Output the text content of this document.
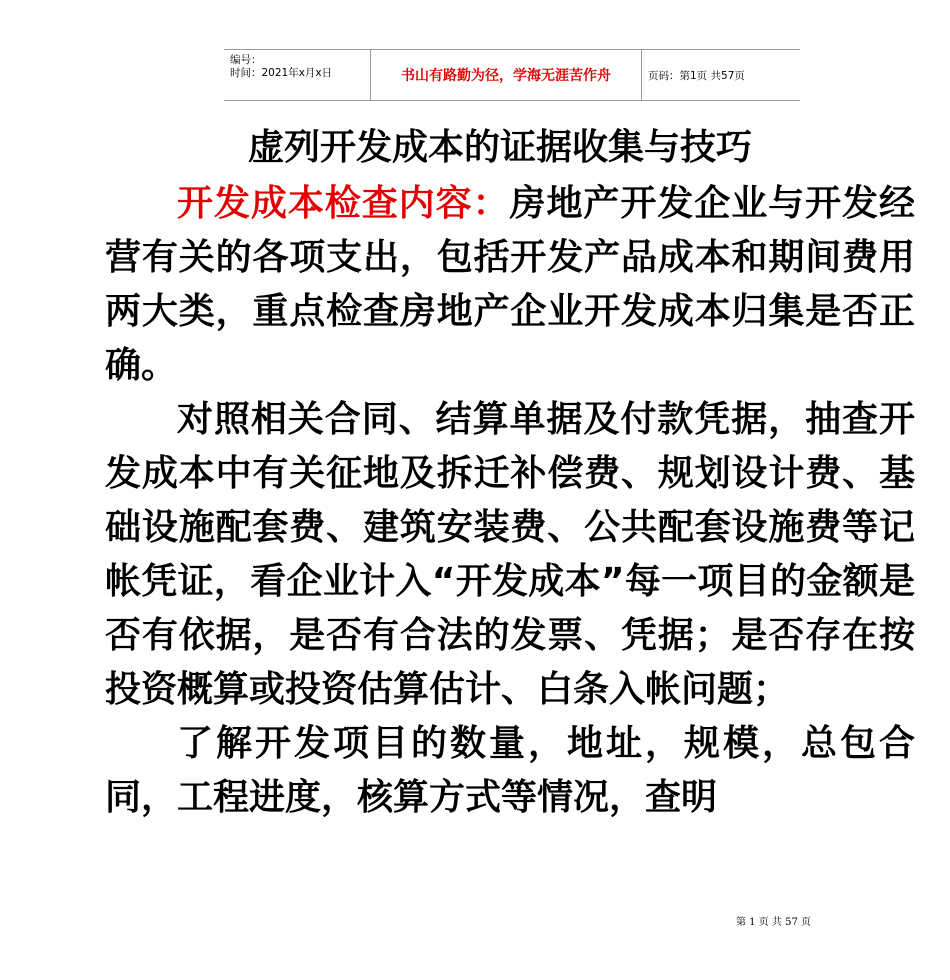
编号：
时间：2021年x月x日	书山有路勤为径，学海无涯苦作舟	页码：第1页 共57页
虚列开发成本的证据收集与技巧

开发成本检查内容：房地产开发企业与开发经营有关的各项支出，包括开发产品成本和期间费用两大类，重点检查房地产企业开发成本归集是否正确。

对照相关合同、结算单据及付款凭据，抽查开发成本中有关征地及拆迁补偿费、规划设计费、基础设施配套费、建筑安装费、公共配套设施费等记帐凭证，看企业计入“开发成本”每一项目的金额是否有依据，是否有合法的发票、凭据；是否存在按投资概算或投资估算估计、白条入帐问题；

了解开发项目的数量，地址，规模，总包合同，工程进度，核算方式等情况，查明

第 1 页 共 57 页
